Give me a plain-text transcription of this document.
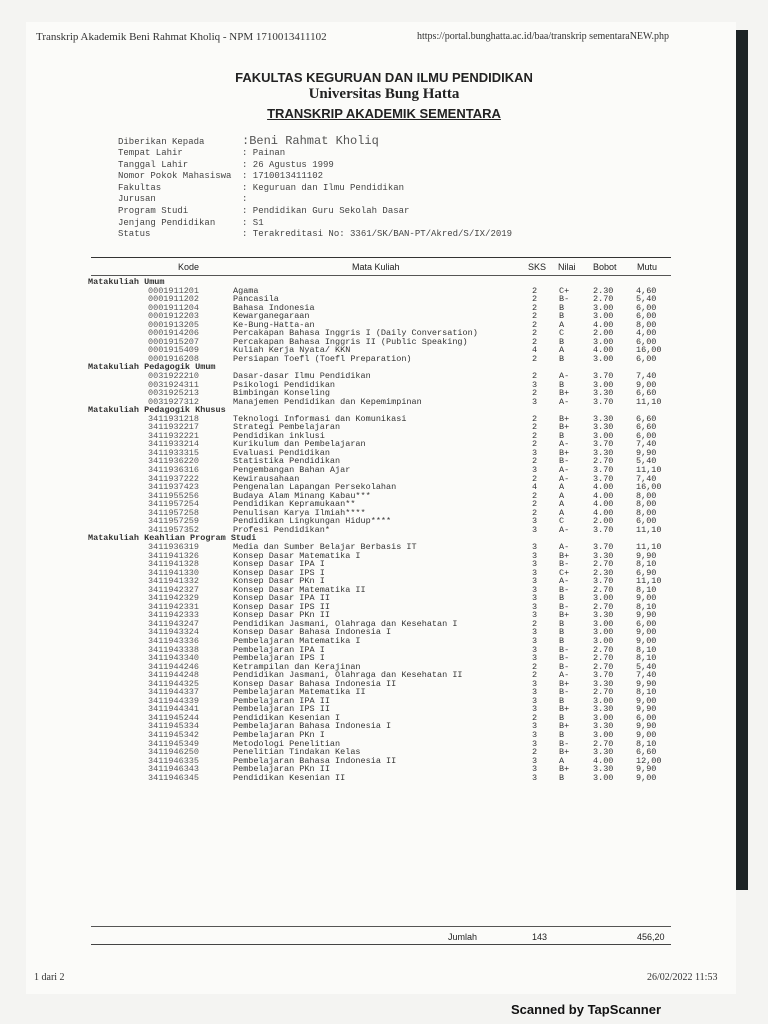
Transkrip Akademik Beni Rahmat Kholiq - NPM 1710013411102	https://portal.bunghatta.ac.id/baa/transkrip sementaraNEW.php
FAKULTAS KEGURUAN DAN ILMU PENDIDIKAN
Universitas Bung Hatta
TRANSKRIP AKADEMIK SEMENTARA
Diberikan Kepada	:Beni Rahmat Kholiq
Tempat Lahir	: Painan
Tanggal Lahir	: 26 Agustus 1999
Nomor Pokok Mahasiswa : 1710013411102
Fakultas	: Keguruan dan Ilmu Pendidikan
Jurusan	:
Program Studi	: Pendidikan Guru Sekolah Dasar
Jenjang Pendidikan	: S1
Status	: Terakreditasi No: 3361/SK/BAN-PT/Akred/S/IX/2019
Kode	Mata Kuliah	SKS Nilai Bobot Mutu
Matakuliah Umum
0001911201	Agama	2	C+	2.30	4,60
0001911202	Pancasila	2	B-	2.70	5,40
0001911204	Bahasa Indonesia	2	B	3.00	6,00
0001912203	Kewarganegaraan	2	B	3.00	6,00
0001913205	Ke-Bung-Hatta-an	2	A	4.00	8,00
0001914206	Percakapan Bahasa Inggris I (Daily Conversation)	2	C	2.00	4,00
0001915207	Percakapan Bahasa Inggris II (Public Speaking)	2	B	3.00	6,00
0001915409	Kuliah Kerja Nyata/ KKN	4	A	4.00	16,00
0001916208	Persiapan Toefl (Toefl Preparation)	2	B	3.00	6,00
Matakuliah Pedagogik Umum
0031922210	Dasar-dasar Ilmu Pendidikan	2	A-	3.70	7,40
0031924311	Psikologi Pendidikan	3	B	3.00	9,00
0031925213	Bimbingan Konseling	2	B+	3.30	6,60
0031927312	Manajemen Pendidikan dan Kepemimpinan	3	A-	3.70	11,10
Matakuliah Pedagogik Khusus
3411931218	Teknologi Informasi dan Komunikasi	2	B+	3.30	6,60
3411932217	Strategi Pembelajaran	2	B+	3.30	6,60
3411932221	Pendidikan inklusi	2	B	3.00	6,00
3411933214	Kurikulum dan Pembelajaran	2	A-	3.70	7,40
3411933315	Evaluasi Pendidikan	3	B+	3.30	9,90
3411936220	Statistika Pendidikan	2	B-	2.70	5,40
3411936316	Pengembangan Bahan Ajar	3	A-	3.70	11,10
3411937222	Kewirausahaan	2	A-	3.70	7,40
3411937423	Pengenalan Lapangan Persekolahan	4	A	4.00	16,00
3411955256	Budaya Alam Minang Kabau***	2	A	4.00	8,00
3411957254	Pendidikan Kepramukaan**	2	A	4.00	8,00
3411957258	Penulisan Karya Ilmiah****	2	A	4.00	8,00
3411957259	Pendidikan Lingkungan Hidup****	3	C	2.00	6,00
3411957352	Profesi Pendidikan*	3	A-	3.70	11,10
Matakuliah Keahlian Program Studi
3411936319	Media dan Sumber Belajar Berbasis IT	3	A-	3.70	11,10
3411941326	Konsep Dasar Matematika I	3	B+	3.30	9,90
3411941328	Konsep Dasar IPA I	3	B-	2.70	8,10
3411941330	Konsep Dasar IPS I	3	C+	2.30	6,90
3411941332	Konsep Dasar PKn I	3	A-	3.70	11,10
3411942327	Konsep Dasar Matematika II	3	B-	2.70	8,10
3411942329	Konsep Dasar IPA II	3	B	3.00	9,00
3411942331	Konsep Dasar IPS II	3	B-	2.70	8,10
3411942333	Konsep Dasar PKn II	3	B+	3.30	9,90
3411943247	Pendidikan Jasmani, Olahraga dan Kesehatan I	2	B	3.00	6,00
3411943324	Konsep Dasar Bahasa Indonesia I	3	B	3.00	9,00
3411943336	Pembelajaran Matematika I	3	B	3.00	9,00
3411943338	Pembelajaran IPA I	3	B-	2.70	8,10
3411943340	Pembelajaran IPS I	3	B-	2.70	8,10
3411944246	Ketrampilan dan Kerajinan	2	B-	2.70	5,40
3411944248	Pendidikan Jasmani, Olahraga dan Kesehatan II	2	A-	3.70	7,40
3411944325	Konsep Dasar Bahasa Indonesia II	3	B+	3.30	9,90
3411944337	Pembelajaran Matematika II	3	B-	2.70	8,10
3411944339	Pembelajaran IPA II	3	B	3.00	9,00
3411944341	Pembelajaran IPS II	3	B+	3.30	9,90
3411945244	Pendidikan Kesenian I	2	B	3.00	6,00
3411945334	Pembelajaran Bahasa Indonesia I	3	B+	3.30	9,90
3411945342	Pembelajaran PKn I	3	B	3.00	9,00
3411945349	Metodologi Penelitian	3	B-	2.70	8,10
3411946250	Penelitian Tindakan Kelas	2	B+	3.30	6,60
3411946335	Pembelajaran Bahasa Indonesia II	3	A	4.00	12,00
3411946343	Pembelajaran PKn II	3	B+	3.30	9,90
3411946345	Pendidikan Kesenian II	3	B	3.00	9,00
Jumlah	143	456,20
1 dari 2	26/02/2022 11:53
Scanned by TapScanner
